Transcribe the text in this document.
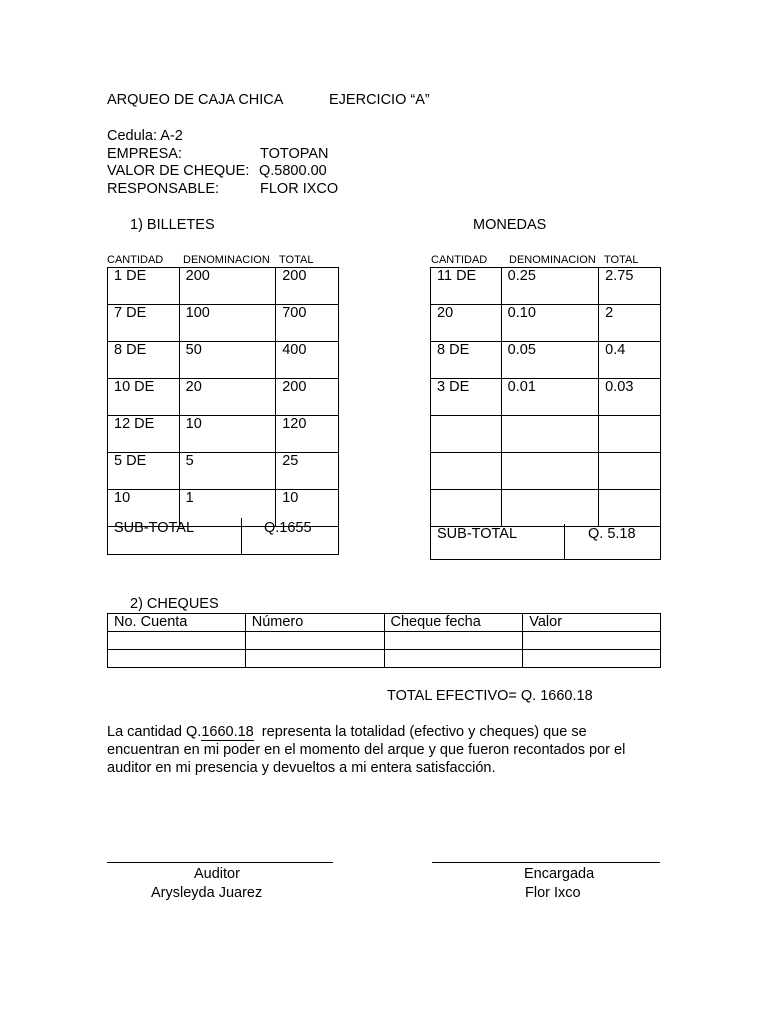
ARQUEO DE CAJA CHICA	EJERCICIO “A”
Cedula: A-2
EMPRESA:	TOTOPAN
VALOR DE CHEQUE: Q.5800.00
RESPONSABLE:	FLOR IXCO
1) BILLETES
CANTIDAD DENOMINACION TOTAL
1 DE	200	200
7 DE	100	700
8 DE	50	400
10 DE	20	200
12 DE	10	120
5 DE	5	25
10	1	10
SUB-TOTAL	Q.1655
MONEDAS
CANTIDAD DENOMINACION TOTAL
11 DE	0.25	2.75
20	0.10	2
8 DE	0.05	0.4
3 DE	0.01	0.03

SUB-TOTAL	Q. 5.18
2) CHEQUES
No. Cuenta	Número	Cheque fecha	Valor

TOTAL EFECTIVO= Q. 1660.18
La cantidad Q.1660.18  representa la totalidad (efectivo y cheques) que se
encuentran en mi poder en el momento del arque y que fueron recontados por el
auditor en mi presencia y devueltos a mi entera satisfacción.
Auditor
Arysleyda Juarez
Encargada
Flor Ixco
